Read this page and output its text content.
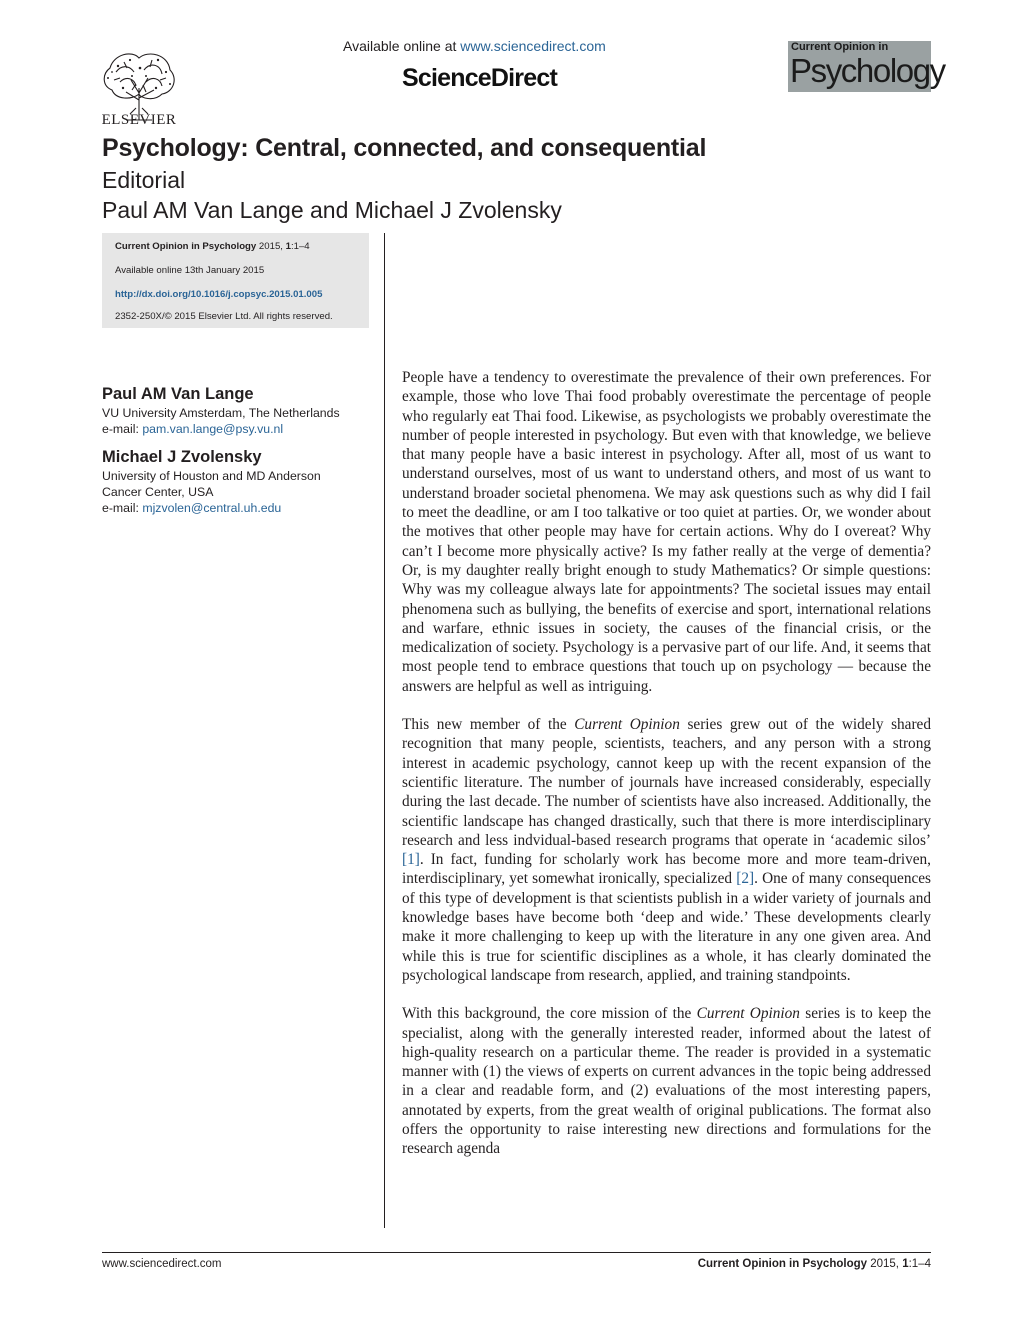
ELSEVIER
Available online at www.sciencedirect.com
ScienceDirect
Current Opinion in
Psychology
Psychology: Central, connected, and consequential
Editorial
Paul AM Van Lange and Michael J Zvolensky
Current Opinion in Psychology 2015, 1:1–4
Available online 13th January 2015
http://dx.doi.org/10.1016/j.copsyc.2015.01.005
2352-250X/© 2015 Elsevier Ltd. All rights reserved.
Paul AM Van Lange
VU University Amsterdam, The Netherlands
e-mail: pam.van.lange@psy.vu.nl
Michael J Zvolensky
University of Houston and MD Anderson
Cancer Center, USA
e-mail: mjzvolen@central.uh.edu

People have a tendency to overestimate the prevalence of their own preferences. For example, those who love Thai food probably overestimate the percentage of people who regularly eat Thai food. Likewise, as psychologists we probably overestimate the number of people interested in psychology. But even with that knowledge, we believe that many people have a basic interest in psychology. After all, most of us want to understand ourselves, most of us want to understand others, and most of us want to understand broader societal phenomena. We may ask questions such as why did I fail to meet the deadline, or am I too talkative or too quiet at parties. Or, we wonder about the motives that other people may have for certain actions. Why do I overeat? Why can’t I become more physically active? Is my father really at the verge of dementia? Or, is my daughter really bright enough to study Mathematics? Or simple questions: Why was my colleague always late for appointments? The societal issues may entail phenomena such as bullying, the benefits of exercise and sport, international relations and warfare, ethnic issues in society, the causes of the financial crisis, or the medicalization of society. Psychology is a pervasive part of our life. And, it seems that most people tend to embrace questions that touch up on psychology — because the answers are helpful as well as intriguing.

This new member of the Current Opinion series grew out of the widely shared recognition that many people, scientists, teachers, and any person with a strong interest in academic psychology, cannot keep up with the recent expansion of the scientific literature. The number of journals have increased considerably, especially during the last decade. The number of scientists have also increased. Additionally, the scientific landscape has changed drastically, such that there is more interdisciplinary research and less indvidual-based research programs that operate in ‘academic silos’ [1]. In fact, funding for scholarly work has become more and more team-driven, interdisciplinary, yet somewhat ironically, specialized [2]. One of many consequences of this type of development is that scientists publish in a wider variety of journals and knowledge bases have become both ‘deep and wide.’ These developments clearly make it more challenging to keep up with the literature in any one given area. And while this is true for scientific disciplines as a whole, it has clearly dominated the psychological landscape from research, applied, and training standpoints.

With this background, the core mission of the Current Opinion series is to keep the specialist, along with the generally interested reader, informed about the latest of high-quality research on a particular theme. The reader is provided in a systematic manner with (1) the views of experts on current advances in the topic being addressed in a clear and readable form, and (2) evaluations of the most interesting papers, annotated by experts, from the great wealth of original publications. The format also offers the opportunity to raise interesting new directions and formulations for the research agenda

www.sciencedirect.com	Current Opinion in Psychology 2015, 1:1–4
